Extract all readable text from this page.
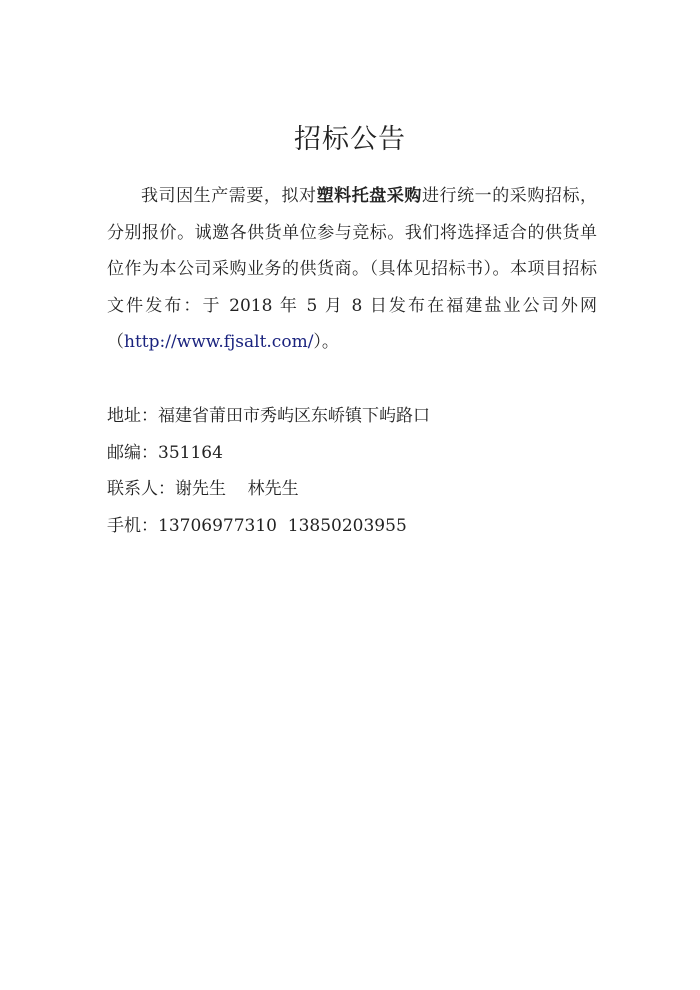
招标公告
我司因生产需要，拟对塑料托盘采购进行统一的采购招标，分别报价。诚邀各供货单位参与竞标。我们将选择适合的供货单位作为本公司采购业务的供货商。（具体见招标书）。本项目招标文件发布：于 2018 年 5 月 8 日发布在福建盐业公司外网（http://www.fjsalt.com/）。
地址：福建省莆田市秀屿区东峤镇下屿路口
邮编：351164
联系人：谢先生    林先生
手机：13706977310  13850203955
